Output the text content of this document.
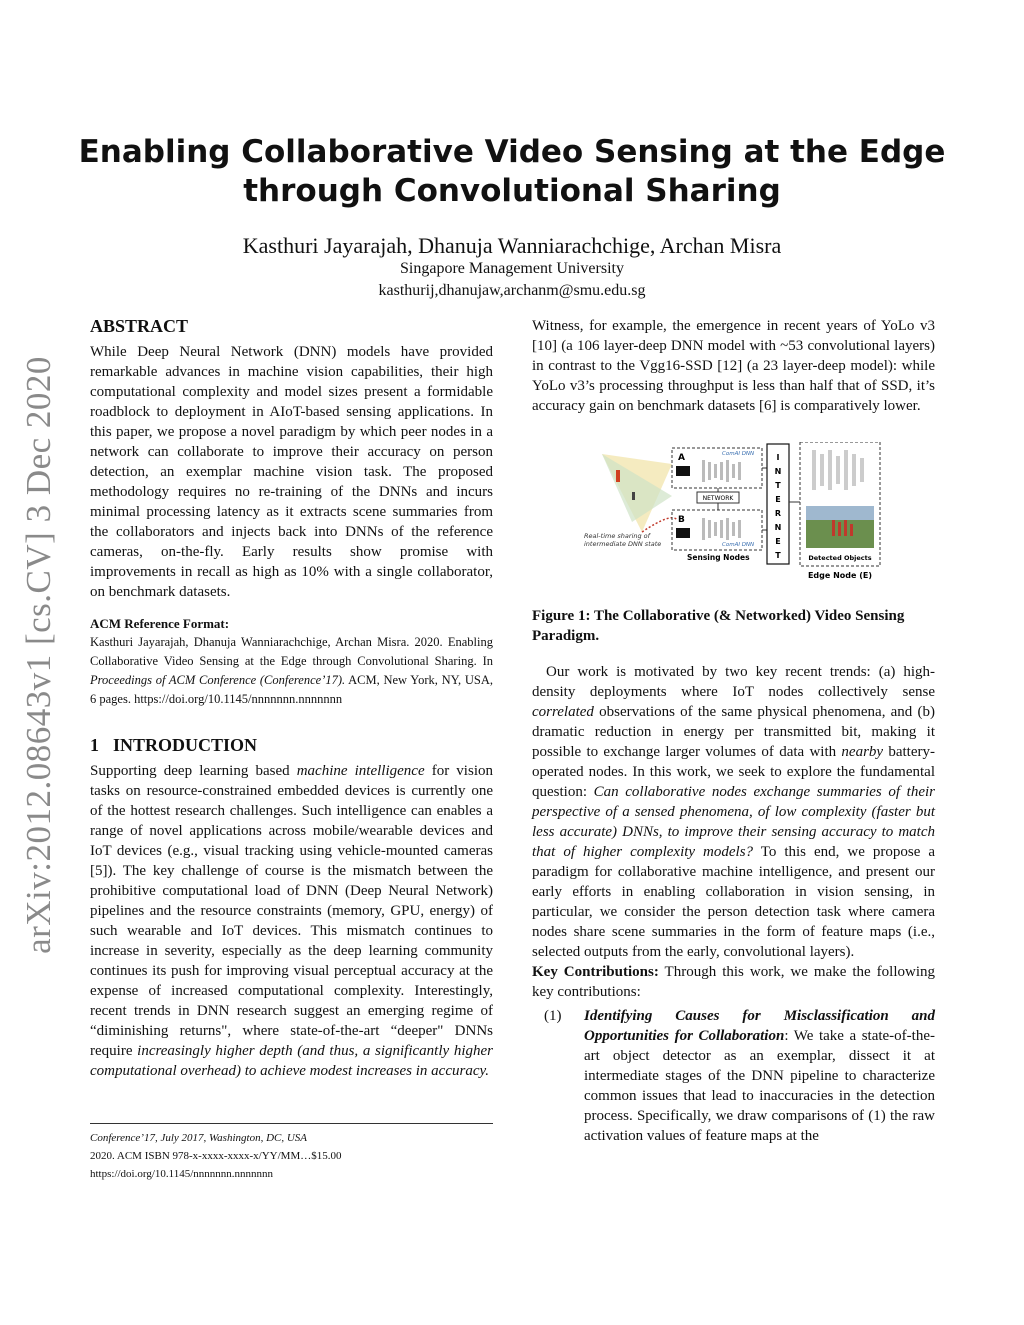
arXiv:2012.08643v1 [cs.CV] 3 Dec 2020
Enabling Collaborative Video Sensing at the Edge
through Convolutional Sharing
Kasthuri Jayarajah, Dhanuja Wanniarachchige, Archan Misra
Singapore Management University
kasthurij,dhanujaw,archanm@smu.edu.sg
ABSTRACT

While Deep Neural Network (DNN) models have provided remarkable advances in machine vision capabilities, their high computational complexity and model sizes present a formidable roadblock to deployment in AIoT-based sensing applications. In this paper, we propose a novel paradigm by which peer nodes in a network can collaborate to improve their accuracy on person detection, an exemplar machine vision task. The proposed methodology requires no re-training of the DNNs and incurs minimal processing latency as it extracts scene summaries from the collaborators and injects back into DNNs of the reference cameras, on-the-fly. Early results show promise with improvements in recall as high as 10% with a single collaborator, on benchmark datasets.

ACM Reference Format:

Kasthuri Jayarajah, Dhanuja Wanniarachchige, Archan Misra. 2020. Enabling Collaborative Video Sensing at the Edge through Convolutional Sharing. In Proceedings of ACM Conference (Conference’17). ACM, New York, NY, USA, 6 pages. https://doi.org/10.1145/nnnnnnn.nnnnnnn

1 INTRODUCTION

Supporting deep learning based machine intelligence for vision tasks on resource-constrained embedded devices is currently one of the hottest research challenges. Such intelligence can enables a range of novel applications across mobile/wearable devices and IoT devices (e.g., visual tracking using vehicle-mounted cameras [5]). The key challenge of course is the mismatch between the prohibitive computational load of DNN (Deep Neural Network) pipelines and the resource constraints (memory, GPU, energy) of such wearable and IoT devices. This mismatch continues to increase in severity, especially as the deep learning community continues its push for improving visual perceptual accuracy at the expense of increased computational complexity. Interestingly, recent trends in DNN research suggest an emerging regime of “diminishing returns", where state-of-the-art “deeper" DNNs require increasingly higher depth (and thus, a significantly higher computational overhead) to achieve modest increases in accuracy.

Conference’17, July 2017, Washington, DC, USA
2020. ACM ISBN 978-x-xxxx-xxxx-x/YY/MM…$15.00
https://doi.org/10.1145/nnnnnnn.nnnnnnn

Witness, for example, the emergence in recent years of YoLo v3 [10] (a 106 layer-deep DNN model with ~53 convolutional layers) in contrast to the Vgg16-SSD [12] (a 23 layer-deep model): while YoLo v3’s processing throughput is less than half that of SSD, it’s accuracy gain on benchmark datasets [6] is comparatively lower.

Real-time sharing of
intermediate DNN state
A
B
ComAI DNN
ComAI DNN
NETWORK
Sensing Nodes
I
N
T
E
R
N
E
T	Detected Objects
Edge Node (E)
Figure 1: The Collaborative (& Networked) Video Sensing Paradigm.

Our work is motivated by two key recent trends: (a) high-density deployments where IoT nodes collectively sense correlated observations of the same physical phenomena, and (b) dramatic reduction in energy per transmitted bit, making it possible to exchange larger volumes of data with nearby battery-operated nodes. In this work, we seek to explore the fundamental question: Can collaborative nodes exchange summaries of their perspective of a sensed phenomena, of low complexity (faster but less accurate) DNNs, to improve their sensing accuracy to match that of higher complexity models? To this end, we propose a paradigm for collaborative machine intelligence, and present our early efforts in enabling collaboration in vision sensing, in particular, we consider the person detection task where camera nodes share scene summaries in the form of feature maps (i.e., selected outputs from the early, convolutional layers).

Key Contributions: Through this work, we make the following key contributions:

(1)	Identifying Causes for Misclassification and Opportunities for Collaboration: We take a state-of-the-art object detector as an exemplar, dissect it at intermediate stages of the DNN pipeline to characterize common issues that lead to inaccuracies in the detection process. Specifically, we draw comparisons of (1) the raw activation values of feature maps at the
